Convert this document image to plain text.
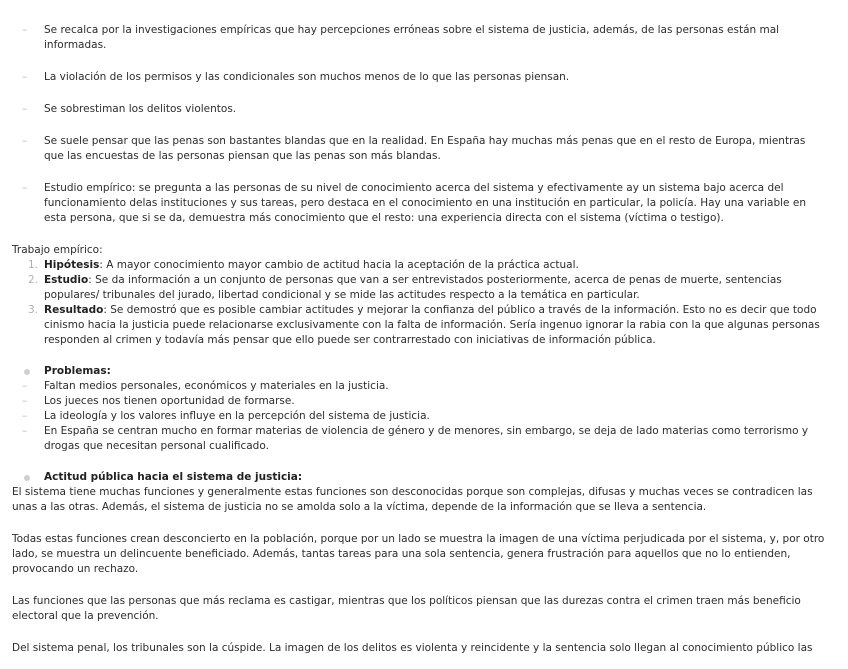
– Se recalca por la investigaciones empíricas que hay percepciones erróneas sobre el sistema de justicia, además, de las personas están mal informadas.
– La violación de los permisos y las condicionales son muchos menos de lo que las personas piensan.
– Se sobrestiman los delitos violentos.
– Se suele pensar que las penas son bastantes blandas que en la realidad. En España hay muchas más penas que en el resto de Europa, mientras que las encuestas de las personas piensan que las penas son más blandas.
– Estudio empírico: se pregunta a las personas de su nivel de conocimiento acerca del sistema y efectivamente ay un sistema bajo acerca del funcionamiento delas instituciones y sus tareas, pero destaca en el conocimiento en una institución en particular, la policía. Hay una variable en esta persona, que si se da, demuestra más conocimiento que el resto: una experiencia directa con el sistema (víctima o testigo).
Trabajo empírico:
1. Hipótesis: A mayor conocimiento mayor cambio de actitud hacia la aceptación de la práctica actual.
2. Estudio: Se da información a un conjunto de personas que van a ser entrevistados posteriormente, acerca de penas de muerte, sentencias populares/ tribunales del jurado, libertad condicional y se mide las actitudes respecto a la temática en particular.
3. Resultado: Se demostró que es posible cambiar actitudes y mejorar la confianza del público a través de la información. Esto no es decir que todo cinismo hacia la justicia puede relacionarse exclusivamente con la falta de información. Sería ingenuo ignorar la rabia con la que algunas personas responden al crimen y todavía más pensar que ello puede ser contrarrestado con iniciativas de información pública.
Problemas:
– Faltan medios personales, económicos y materiales en la justicia.
– Los jueces nos tienen oportunidad de formarse.
– La ideología y los valores influye en la percepción del sistema de justicia.
– En España se centran mucho en formar materias de violencia de género y de menores, sin embargo, se deja de lado materias como terrorismo y drogas que necesitan personal cualificado.
Actitud pública hacia el sistema de justicia:
El sistema tiene muchas funciones y generalmente estas funciones son desconocidas porque son complejas, difusas y muchas veces se contradicen las unas a las otras. Además, el sistema de justicia no se amolda solo a la víctima, depende de la información que se lleva a sentencia.
Todas estas funciones crean desconcierto en la población, porque por un lado se muestra la imagen de una víctima perjudicada por el sistema, y, por otro lado, se muestra un delincuente beneficiado. Además, tantas tareas para una sola sentencia, genera frustración para aquellos que no lo entienden, provocando un rechazo.
Las funciones que las personas que más reclama es castigar, mientras que los políticos piensan que las durezas contra el crimen traen más beneficio electoral que la prevención.
Del sistema penal, los tribunales son la cúspide. La imagen de los delitos es violenta y reincidente y la sentencia solo llegan al conocimiento público las
